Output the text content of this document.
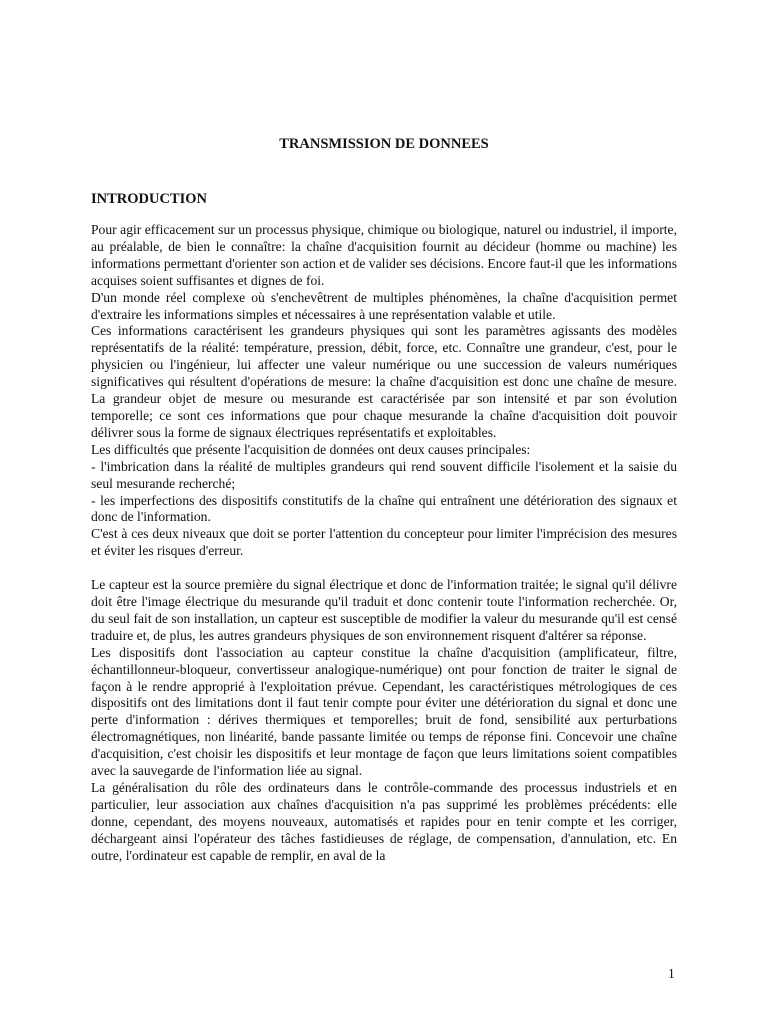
TRANSMISSION DE DONNEES
INTRODUCTION

Pour agir efficacement sur un processus physique, chimique ou biologique, naturel ou industriel, il importe, au préalable, de bien le connaître: la chaîne d'acquisition fournit au décideur (homme ou machine) les informations permettant d'orienter son action et de valider ses décisions. Encore faut-il que les informations acquises soient suffisantes et dignes de foi.

D'un monde réel complexe où s'enchevêtrent de multiples phénomènes, la chaîne d'acquisition permet d'extraire les informations simples et nécessaires à une représentation valable et utile.

Ces informations caractérisent les grandeurs physiques qui sont les paramètres agissants des modèles représentatifs de la réalité: température, pression, débit, force, etc. Connaître une grandeur, c'est, pour le physicien ou l'ingénieur, lui affecter une valeur numérique ou une succession de valeurs numériques significatives qui résultent d'opérations de mesure: la chaîne d'acquisition est donc une chaîne de mesure. La grandeur objet de mesure ou mesurande est caractérisée par son intensité et par son évolution temporelle; ce sont ces informations que pour chaque mesurande la chaîne d'acquisition doit pouvoir délivrer sous la forme de signaux électriques représentatifs et exploitables.

Les difficultés que présente l'acquisition de données ont deux causes principales:

- l'imbrication dans la réalité de multiples grandeurs qui rend souvent difficile l'isolement et la saisie du seul mesurande recherché;

- les imperfections des dispositifs constitutifs de la chaîne qui entraînent une détérioration des signaux et donc de l'information.

C'est à ces deux niveaux que doit se porter l'attention du concepteur pour limiter l'imprécision des mesures et éviter les risques d'erreur.

Le capteur est la source première du signal électrique et donc de l'information traitée; le signal qu'il délivre doit être l'image électrique du mesurande qu'il traduit et donc contenir toute l'information recherchée. Or, du seul fait de son installation, un capteur est susceptible de modifier la valeur du mesurande qu'il est censé traduire et, de plus, les autres grandeurs physiques de son environnement risquent d'altérer sa réponse.

Les dispositifs dont l'association au capteur constitue la chaîne d'acquisition (amplificateur, filtre, échantillonneur-bloqueur, convertisseur analogique-numérique) ont pour fonction de traiter le signal de façon à le rendre approprié à l'exploitation prévue. Cependant, les caractéristiques métrologiques de ces dispositifs ont des limitations dont il faut tenir compte pour éviter une détérioration du signal et donc une perte d'information : dérives thermiques et temporelles; bruit de fond, sensibilité aux perturbations électromagnétiques, non linéarité, bande passante limitée ou temps de réponse fini. Concevoir une chaîne d'acquisition, c'est choisir les dispositifs et leur montage de façon que leurs limitations soient compatibles avec la sauvegarde de l'information liée au signal.

La généralisation du rôle des ordinateurs dans le contrôle-commande des processus industriels et en particulier, leur association aux chaînes d'acquisition n'a pas supprimé les problèmes précédents: elle donne, cependant, des moyens nouveaux, automatisés et rapides pour en tenir compte et les corriger, déchargeant ainsi l'opérateur des tâches fastidieuses de réglage, de compensation, d'annulation, etc. En outre, l'ordinateur est capable de remplir, en aval de la

1
